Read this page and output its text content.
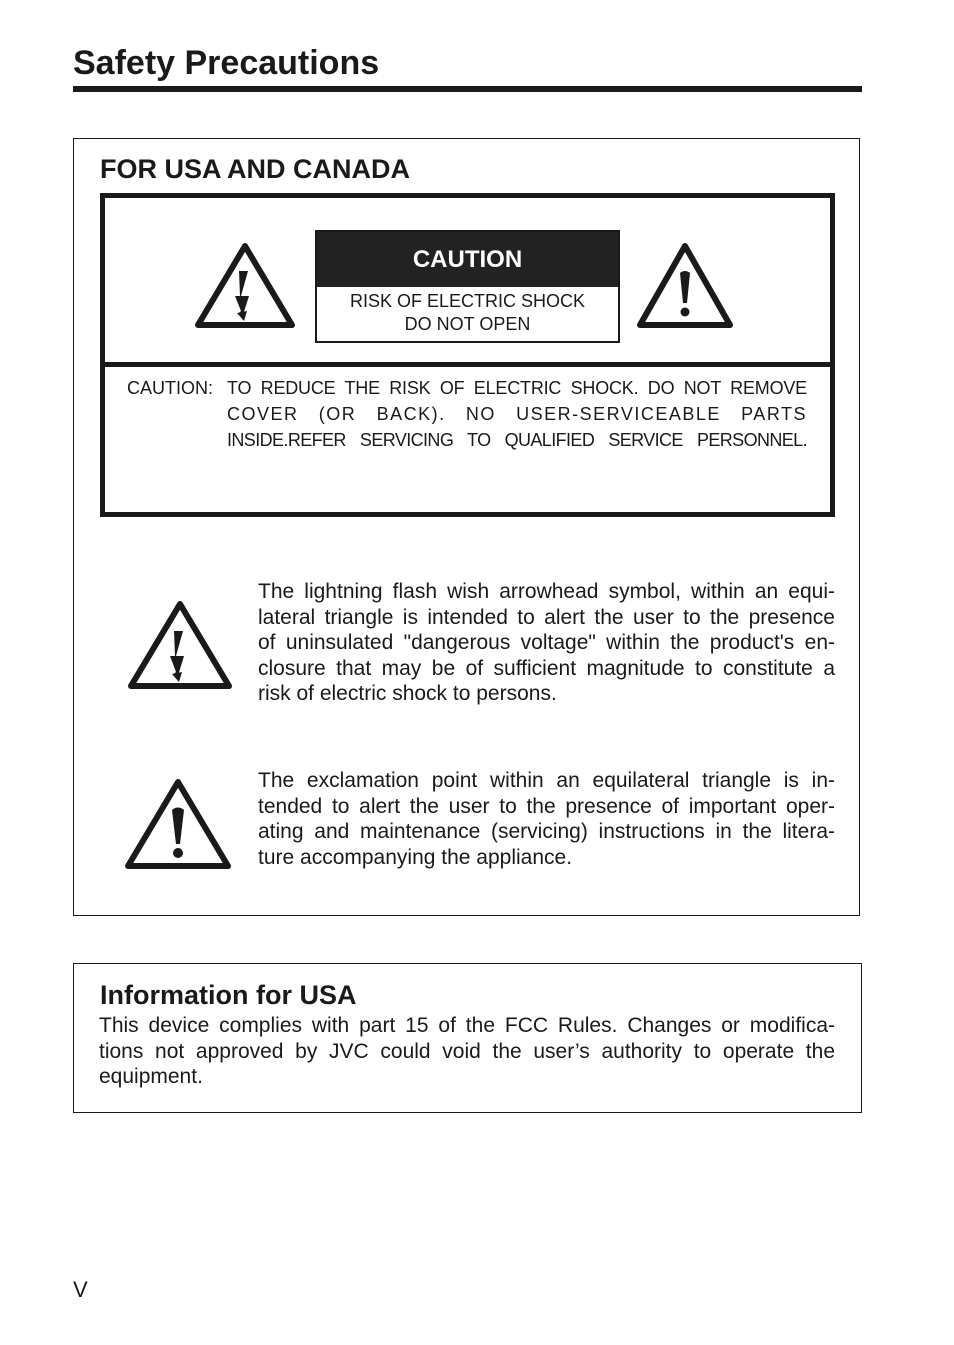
Safety Precautions
FOR USA AND CANADA
CAUTION
RISK OF ELECTRIC SHOCK
DO NOT OPEN
CAUTION: TO REDUCE THE RISK OF ELECTRIC SHOCK. DO NOT REMOVE
COVER (OR BACK). NO USER-SERVICEABLE PARTS
INSIDE.REFER SERVICING TO QUALIFIED SERVICE PERSONNEL.
The lightning flash wish arrowhead symbol, within an equi-
lateral triangle is intended to alert the user to the presence
of uninsulated "dangerous voltage" within the product's en-
closure that may be of sufficient magnitude to constitute a
risk of electric shock to persons.
The exclamation point within an equilateral triangle is in-
tended to alert the user to the presence of important oper-
ating and maintenance (servicing) instructions in the litera-
ture accompanying the appliance.
Information for USA
This device complies with part 15 of the FCC Rules. Changes or modifica-
tions not approved by JVC could void the user’s authority to operate the
equipment.
V
